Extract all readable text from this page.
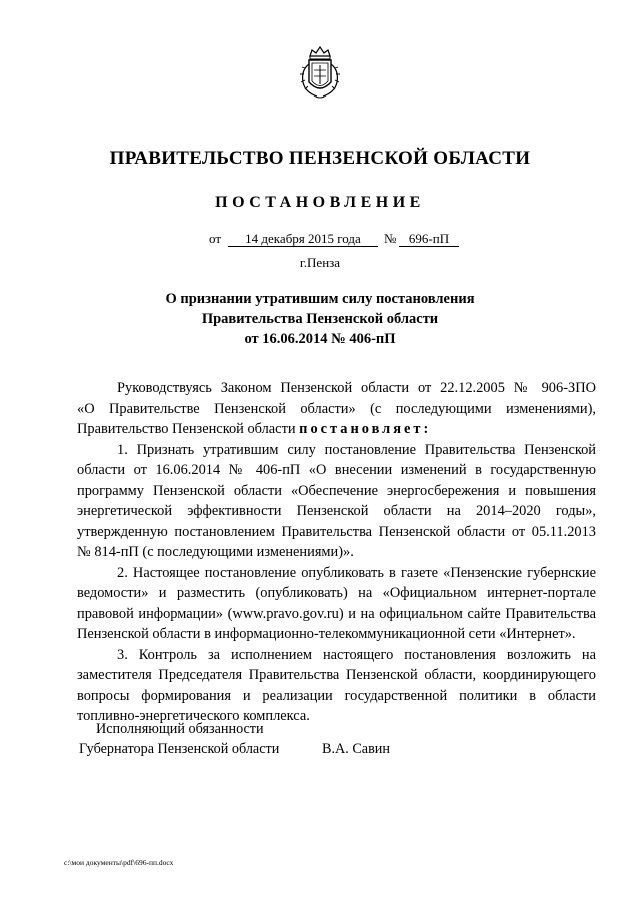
ПРАВИТЕЛЬСТВО ПЕНЗЕНСКОЙ ОБЛАСТИ
ПОСТАНОВЛЕНИЕ
от	14 декабря 2015 года	№ 696-пП
г.Пенза
О признании утратившим силу постановления
Правительства Пензенской области
от 16.06.2014 № 406-пП
Руководствуясь Законом Пензенской области от 22.12.2005 № 906-ЗПО
«О Правительстве Пензенской области» (с последующими изменениями),
Правительство Пензенской области постановляет:
1. Признать утратившим силу постановление Правительства Пензенской
области от 16.06.2014 № 406-пП «О внесении изменений в государственную
программу Пензенской области «Обеспечение энергосбережения и повышения
энергетической эффективности Пензенской области на 2014–2020 годы»,
утвержденную постановлением Правительства Пензенской области от 05.11.2013
№ 814-пП (с последующими изменениями)».
2. Настоящее постановление опубликовать в газете «Пензенские губернские
ведомости» и разместить (опубликовать) на «Официальном интернет-портале
правовой информации» (www.pravo.gov.ru) и на официальном сайте Правительства
Пензенской области в информационно-телекоммуникационной сети «Интернет».
3. Контроль за исполнением настоящего постановления возложить на
заместителя Председателя Правительства Пензенской области, координирующего
вопросы формирования и реализации государственной политики в области
топливно-энергетического комплекса.
Исполняющий обязанности
Губернатора Пензенской области	В.А. Савин
c:\мои документы\pdf\696-пп.docx
